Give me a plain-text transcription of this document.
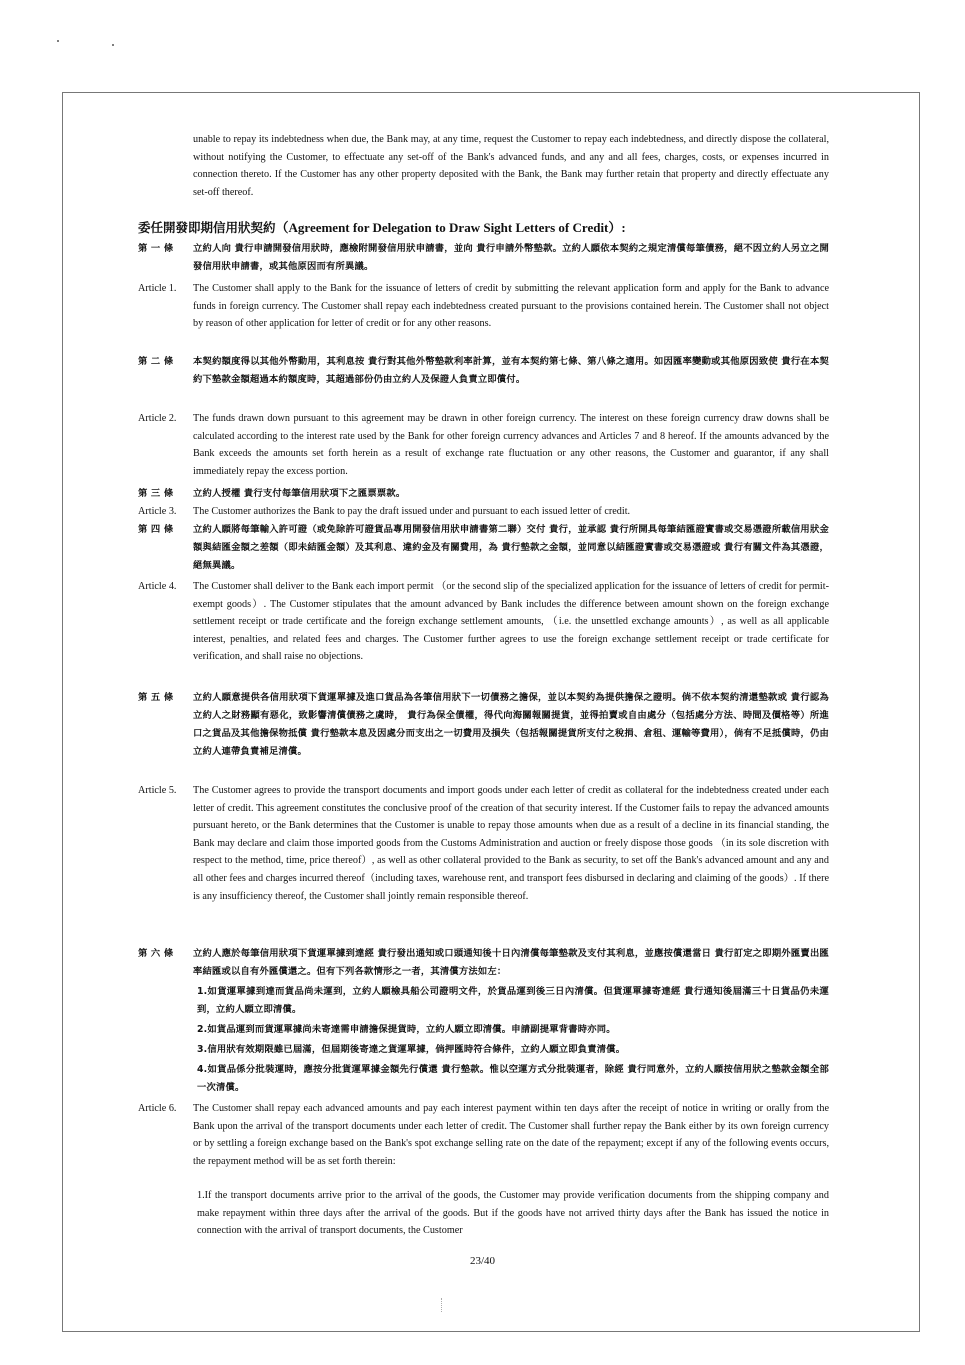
unable to repay its indebtedness when due, the Bank may, at any time, request the Customer to repay each indebtedness, and directly dispose the collateral, without notifying the Customer, to effectuate any set-off of the Bank's advanced funds, and any and all fees, charges, costs, or expenses incurred in connection thereto. If the Customer has any other property deposited with the Bank, the Bank may further retain that property and directly effectuate any set-off thereof.
委任開發即期信用狀契約（Agreement for Delegation to Draw Sight Letters of Credit）:
第 一 條 立約人向 貴行申請開發信用狀時，應檢附開發信用狀申請書，並向 貴行申請外幣墊款。立約人願依本契約之規定清償每筆債務，絕不因立約人另立之開發信用狀申請書，或其他原因而有所異議。
Article 1. The Customer shall apply to the Bank for the issuance of letters of credit by submitting the relevant application form and apply for the Bank to advance funds in foreign currency. The Customer shall repay each indebtedness created pursuant to the provisions contained herein. The Customer shall not object by reason of other application for letter of credit or for any other reasons.
第 二 條 本契約額度得以其他外幣動用，其利息按 貴行對其他外幣墊款利率計算，並有本契約第七條、第八條之適用。如因匯率變動或其他原因致使 貴行在本契約下墊款金額超過本約額度時，其超過部份仍由立約人及保證人負責立即償付。
Article 2. The funds drawn down pursuant to this agreement may be drawn in other foreign currency. The interest on these foreign currency draw downs shall be calculated according to the interest rate used by the Bank for other foreign currency advances and Articles 7 and 8 hereof. If the amounts advanced by the Bank exceeds the amounts set forth herein as a result of exchange rate fluctuation or any other reasons, the Customer and guarantor, if any shall immediately repay the excess portion.
第 三 條 立約人授權 貴行支付每筆信用狀項下之匯票票款。
Article 3. The Customer authorizes the Bank to pay the draft issued under and pursuant to each issued letter of credit.
第 四 條 立約人願將每筆輸入許可證（或免除許可證貨品專用開發信用狀申請書第二聯）交付 貴行，並承認 貴行所開具每筆結匯證實書或交易憑證所載信用狀金額與結匯金額之差額（即未結匯金額）及其利息、違約金及有關費用，為 貴行墊款之金額，並同意以結匯證實書或交易憑證或 貴行有關文件為其憑證，絕無異議。
Article 4. The Customer shall deliver to the Bank each import permit （or the second slip of the specialized application for the issuance of letters of credit for permit-exempt goods）. The Customer stipulates that the amount advanced by Bank includes the difference between amount shown on the foreign exchange settlement receipt or trade certificate and the foreign exchange settlement amounts, （i.e. the unsettled exchange amounts）, as well as all applicable interest, penalties, and related fees and charges. The Customer further agrees to use the foreign exchange settlement receipt or trade certificate for verification, and shall raise no objections.
第 五 條 立約人願意提供各信用狀項下貨運單據及進口貨品為各筆信用狀下一切債務之擔保，並以本契約為提供擔保之證明。倘不依本契約清還墊款或 貴行認為立約人之財務顯有惡化，致影響清償債務之虞時， 貴行為保全債權，得代向海關報關提貨，並得拍賣或自由處分（包括處分方法、時間及價格等）所進口之貨品及其他擔保物抵償 貴行墊款本息及因處分而支出之一切費用及損失（包括報關提貨所支付之稅捐、倉租、運輸等費用），倘有不足抵償時，仍由立約人連帶負責補足清償。
Article 5. The Customer agrees to provide the transport documents and import goods under each letter of credit as collateral for the indebtedness created under each letter of credit. This agreement constitutes the conclusive proof of the creation of that security interest. If the Customer fails to repay the advanced amounts pursuant hereto, or the Bank determines that the Customer is unable to repay those amounts when due as a result of a decline in its financial standing, the Bank may declare and claim those imported goods from the Customs Administration and auction or freely dispose those goods （in its sole discretion with respect to the method, time, price thereof）, as well as other collateral provided to the Bank as security, to set off the Bank's advanced amount and any and all other fees and charges incurred thereof（including taxes, warehouse rent, and transport fees disbursed in declaring and claiming of the goods）. If there is any insufficiency thereof, the Customer shall jointly remain responsible thereof.
第 六 條 立約人應於每筆信用狀項下貨運單據到達經 貴行發出通知或口頭通知後十日內清償每筆墊款及支付其利息，並應按償還當日 貴行訂定之即期外匯賣出匯率結匯或以自有外匯償還之。但有下列各款情形之一者，其清償方法如左：
1.如貨運單據到達而貨品尚未運到，立約人願檢具船公司證明文件，於貨品運到後三日內清償。但貨運單據寄達經 貴行通知後屆滿三十日貨品仍未運到，立約人願立即清償。
2.如貨品運到而貨運單據尚未寄達需申請擔保提貨時，立約人願立即清償。申請副提單背書時亦同。
3.信用狀有效期限雖已屆滿，但屆期後寄達之貨運單據，倘押匯時符合條件，立約人願立即負責清償。
4.如貨品係分批裝運時，應按分批貨運單據金額先行償還 貴行墊款。惟以空運方式分批裝運者，除經 貴行同意外，立約人願按信用狀之墊款金額全部一次清償。
Article 6. The Customer shall repay each advanced amounts and pay each interest payment within ten days after the receipt of notice in writing or orally from the Bank upon the arrival of the transport documents under each letter of credit. The Customer shall further repay the Bank either by its own foreign currency or by settling a foreign exchange based on the Bank's spot exchange selling rate on the date of the repayment; except if any of the following events occurs, the repayment method will be as set forth therein:
1.If the transport documents arrive prior to the arrival of the goods, the Customer may provide verification documents from the shipping company and make repayment within three days after the arrival of the goods. But if the goods have not arrived thirty days after the Bank has issued the notice in connection with the arrival of transport documents, the Customer
23/40
